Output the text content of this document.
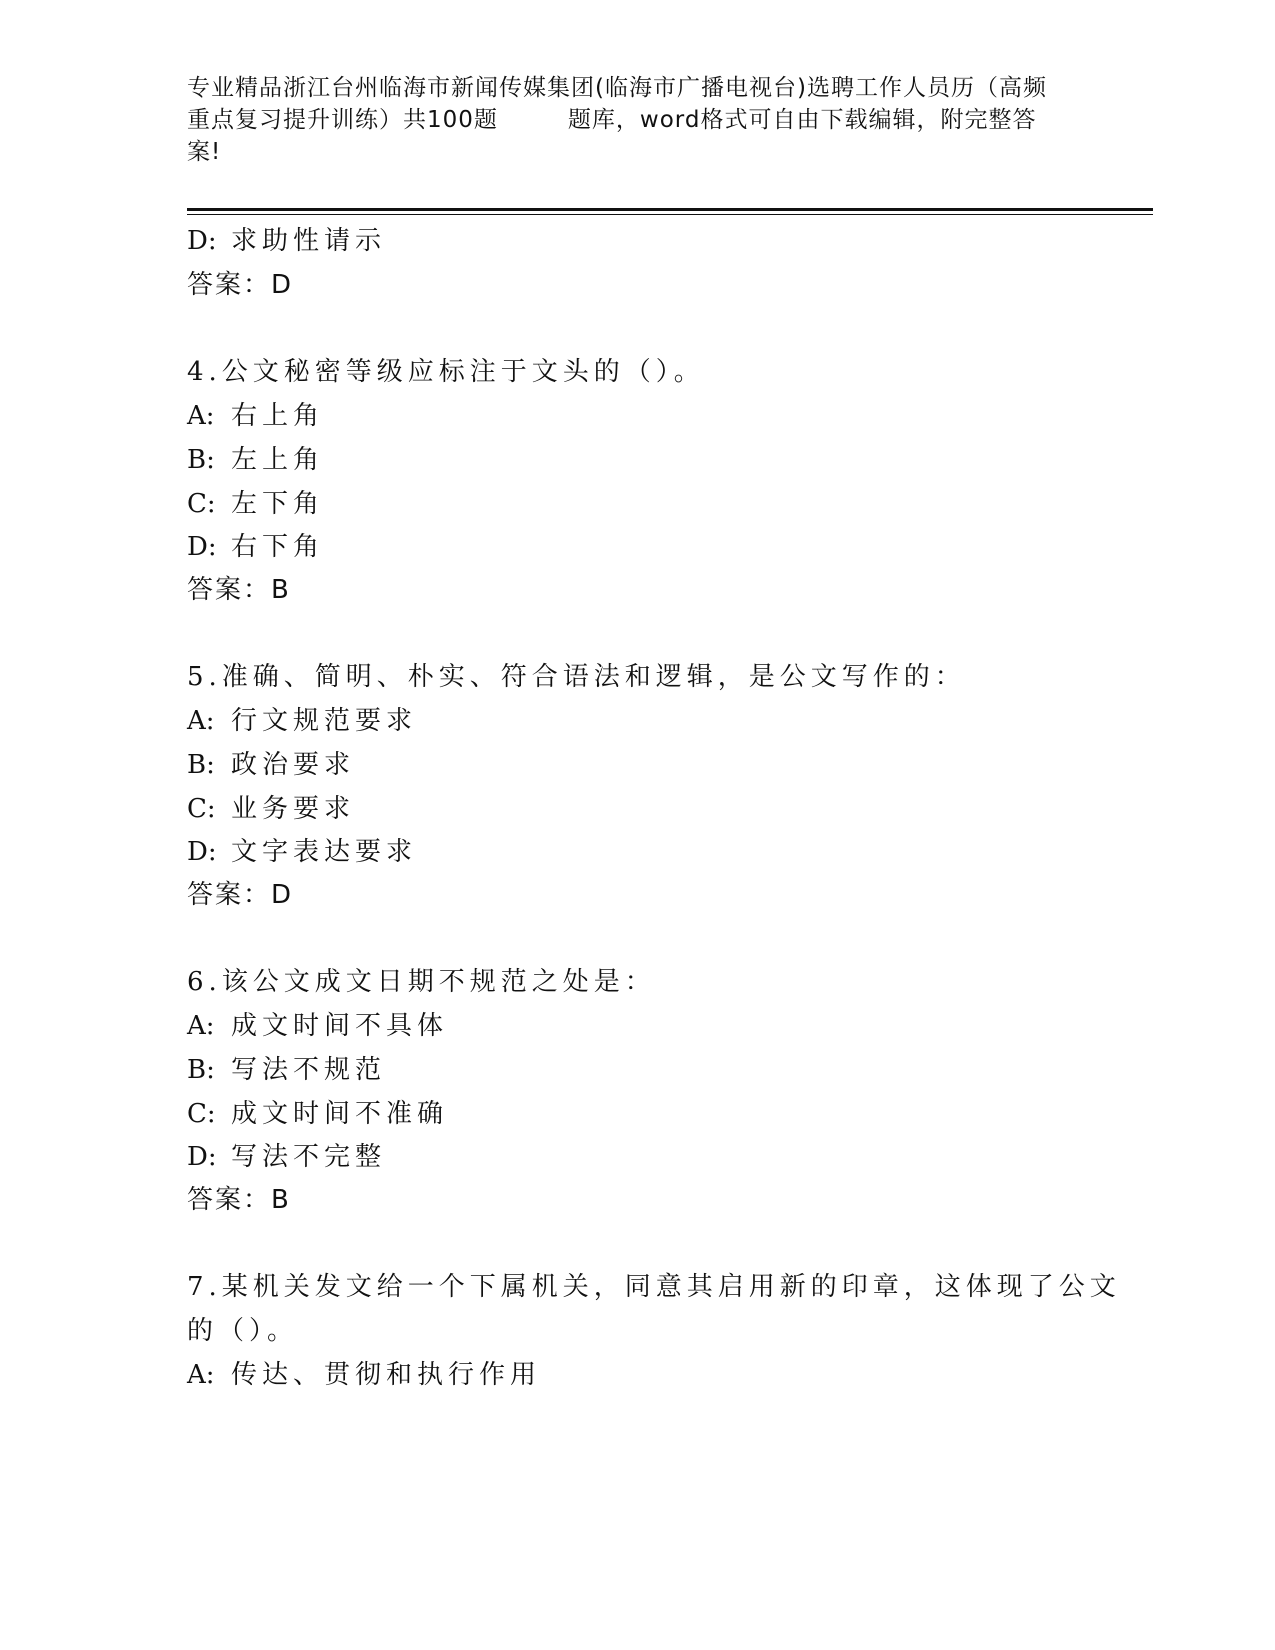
专业精品浙江台州临海市新闻传媒集团(临海市广播电视台)选聘工作人员历（高频
重点复习提升训练）共100题	题库，word格式可自由下载编辑，附完整答
案!
D: 求助性请示
答案：D
4.公文秘密等级应标注于文头的（）。
A: 右上角
B: 左上角
C: 左下角
D: 右下角
答案：B
5.准确、简明、朴实、符合语法和逻辑，是公文写作的：
A: 行文规范要求
B: 政治要求
C: 业务要求
D: 文字表达要求
答案：D
6.该公文成文日期不规范之处是：
A: 成文时间不具体
B: 写法不规范
C: 成文时间不准确
D: 写法不完整
答案：B
7.某机关发文给一个下属机关，同意其启用新的印章，这体现了公文
的（）。
A: 传达、贯彻和执行作用
